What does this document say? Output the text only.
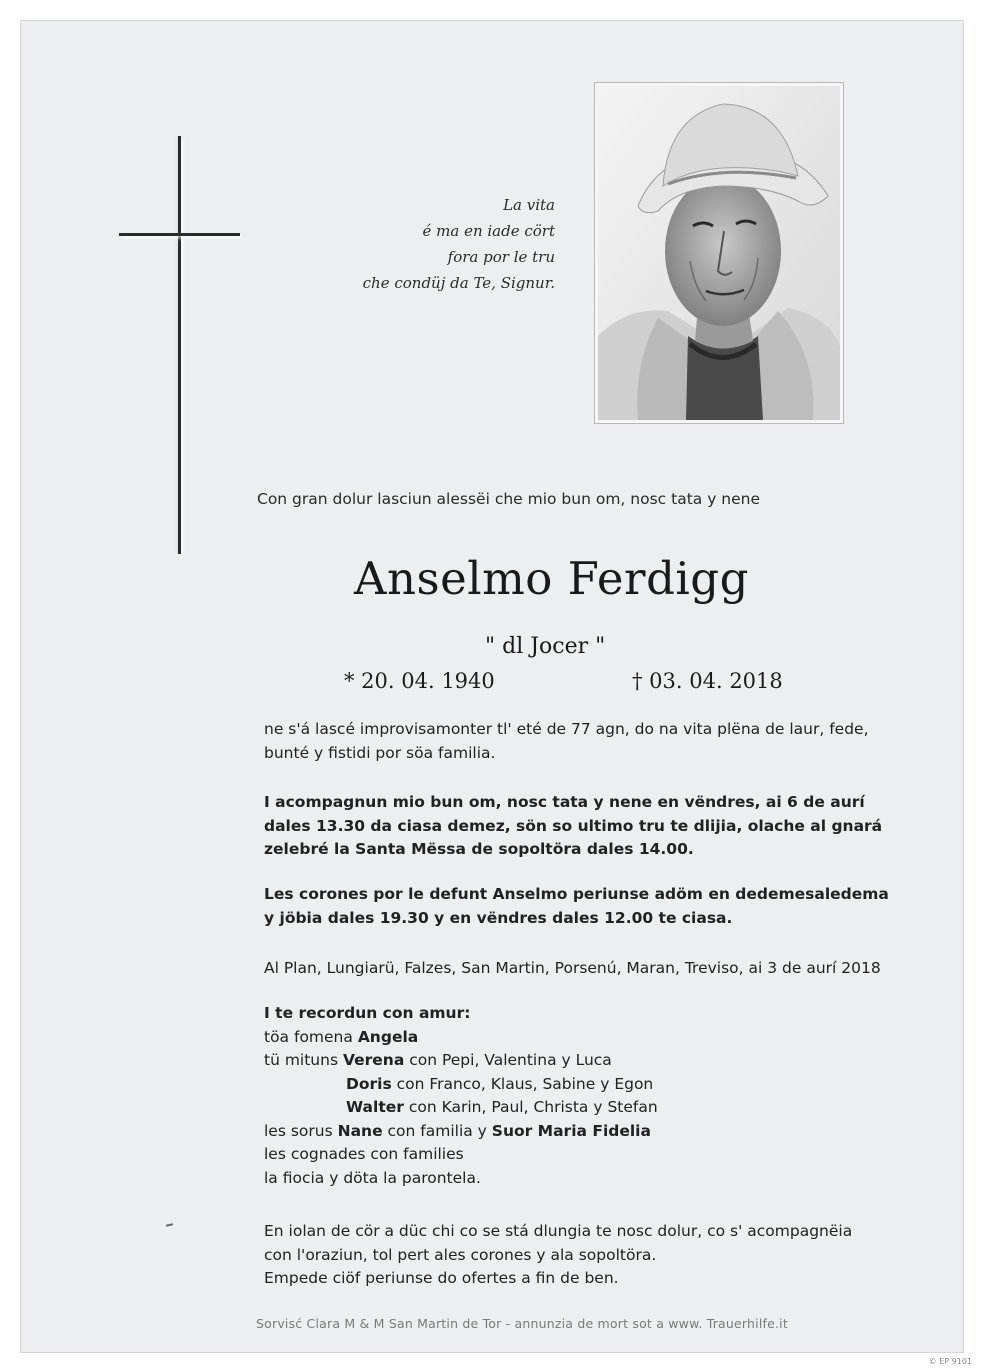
La vita
é ma en iade cört
fora por le tru
che condüj da Te, Signur.
Con gran dolur lasciun alessëi che mio bun om, nosc tata y nene
Anselmo Ferdigg
" dl Jocer "
* 20. 04. 1940	† 03. 04. 2018
ne s'á lascé improvisamonter tl' eté de 77 agn, do na vita plëna de laur, fede,
bunté y fistidi por söa familia.
I acompagnun mio bun om, nosc tata y nene en vëndres, ai 6 de aurí
dales 13.30 da ciasa demez, sön so ultimo tru te dlijia, olache al gnará
zelebré la Santa Mëssa de sopoltöra dales 14.00.
Les corones por le defunt Anselmo periunse adöm en dedemesaledema
y jöbia dales 19.30 y en vëndres dales 12.00 te ciasa.
Al Plan, Lungiarü, Falzes, San Martin, Porsenú, Maran, Treviso, ai 3 de aurí 2018
I te recordun con amur:
töa fomena Angela
tü mituns Verena con Pepi, Valentina y Luca
Doris con Franco, Klaus, Sabine y Egon
Walter con Karin, Paul, Christa y Stefan
les sorus Nane con familia y Suor Maria Fidelia
les cognades con families
la fiocia y döta la parontela.
En iolan de cör a düc chi co se stá dlungia te nosc dolur, co s' acompagnëia
con l'oraziun, tol pert ales corones y ala sopoltöra.
Empede ciöf periunse do ofertes a fin de ben.
Sorvisć Clara M & M San Martin de Tor - annunzia de mort sot a www. Trauerhilfe.it
© EP 9101
